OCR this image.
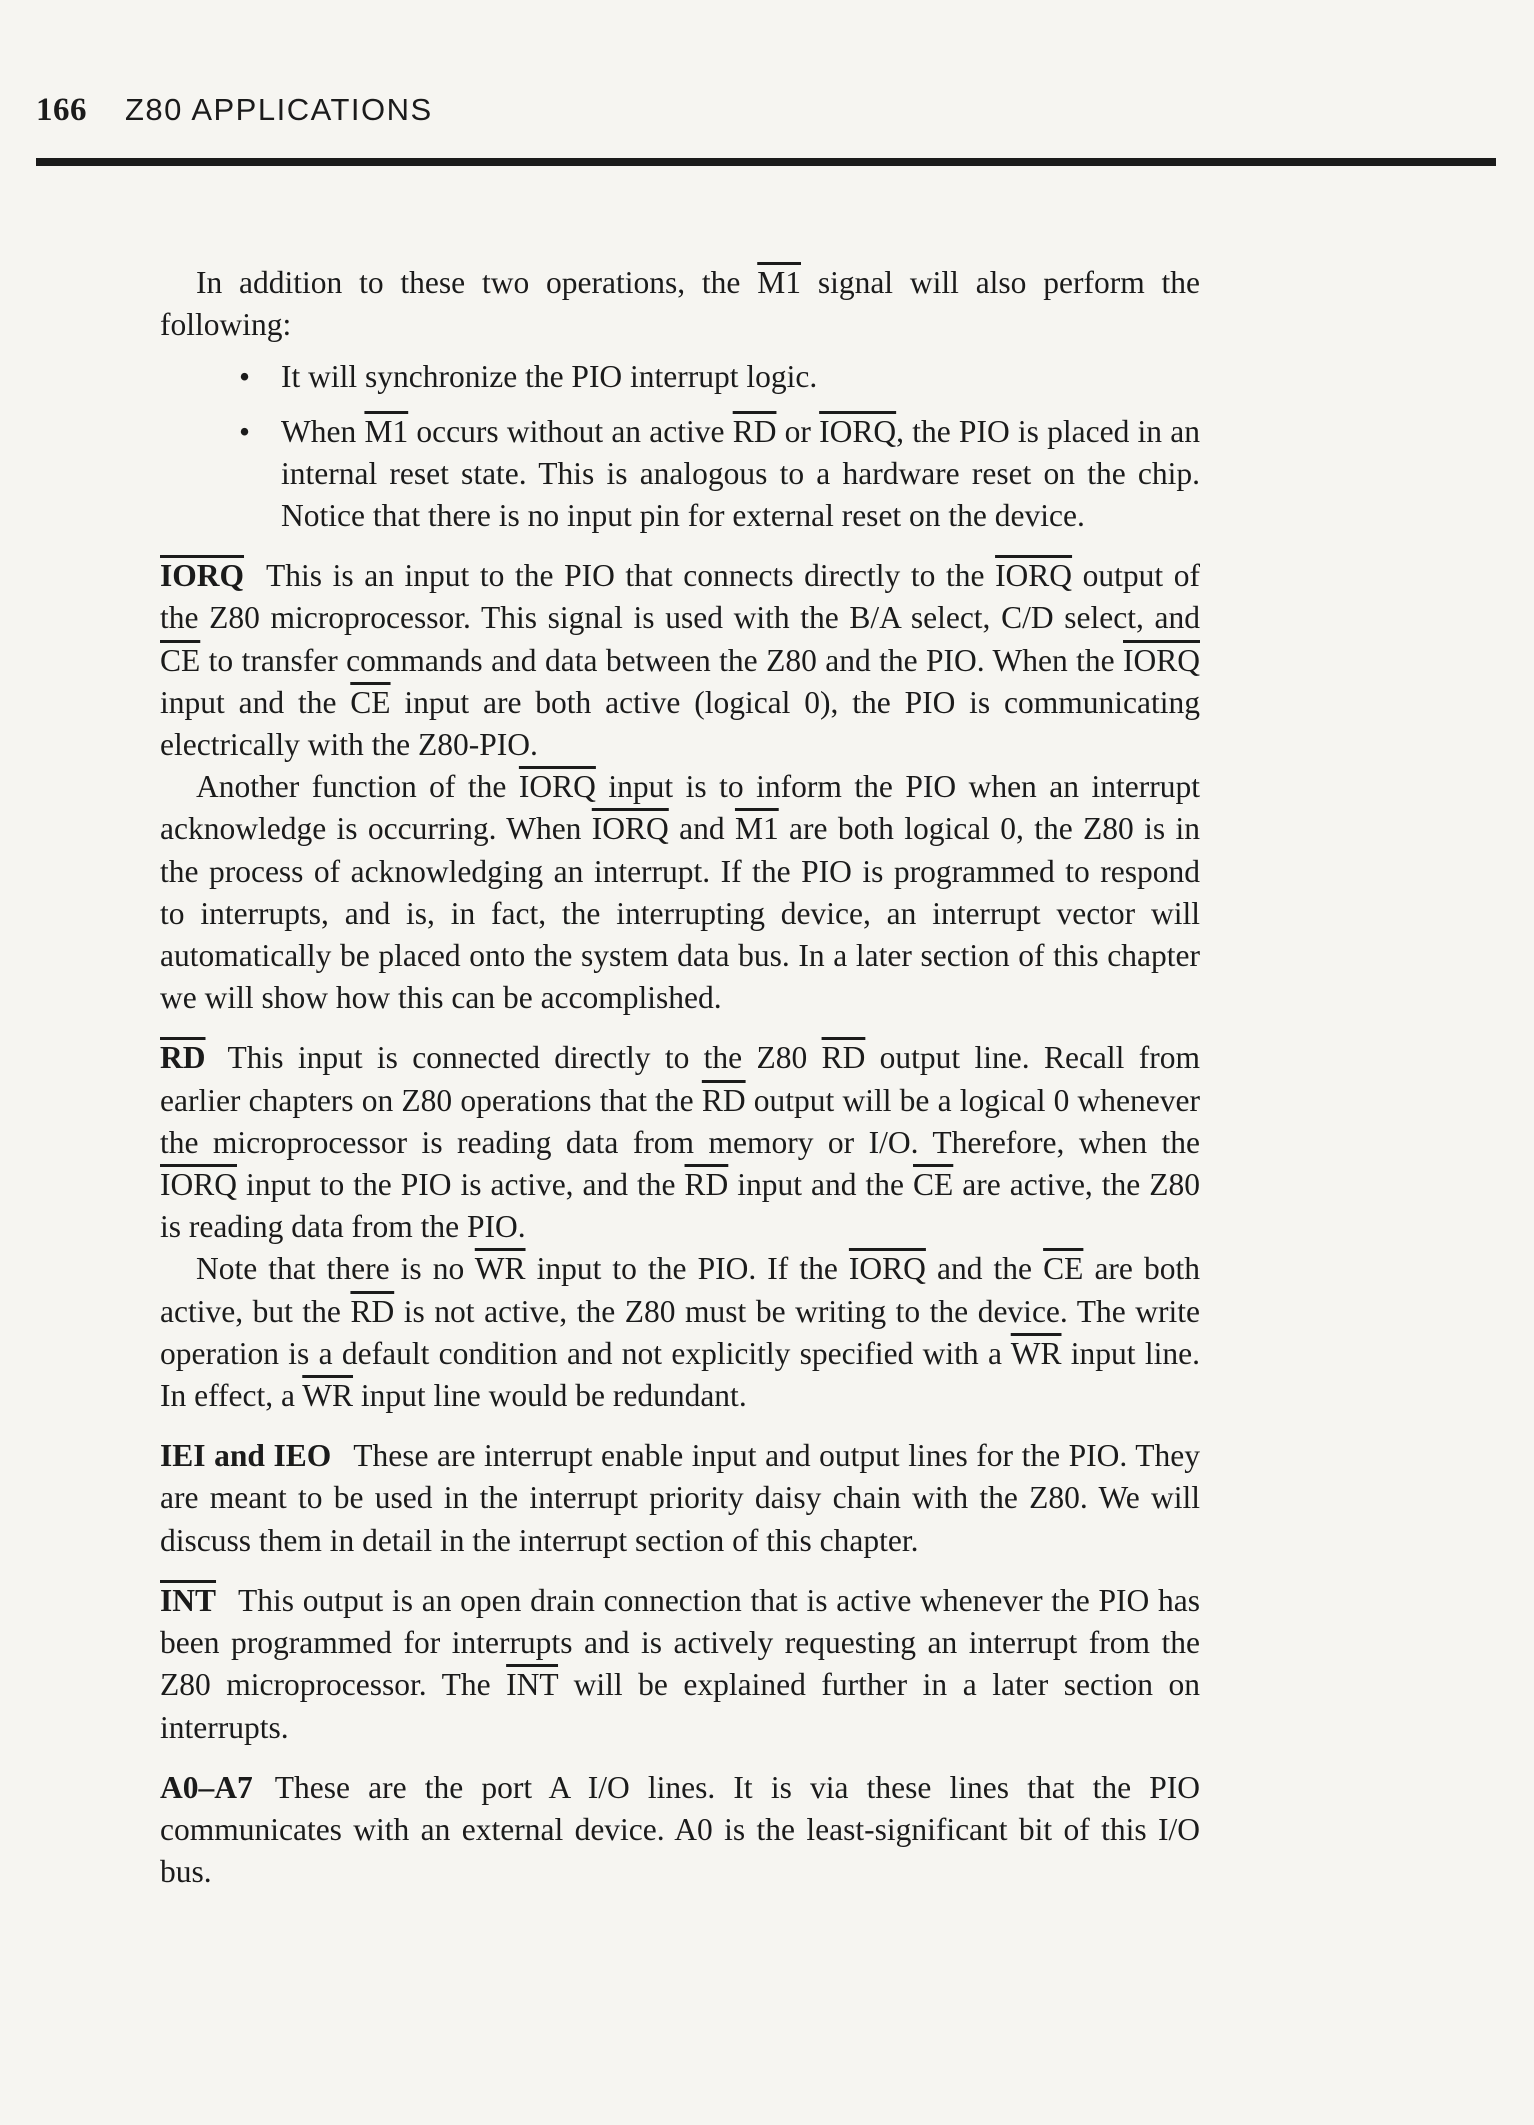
166 Z80 APPLICATIONS

In addition to these two operations, the M1 signal will also perform the following:

• It will synchronize the PIO interrupt logic.
• When M1 occurs without an active $\overline{RD}$ or IORQ, the PIO is placed in an internal reset state. This is analogous to a hardware reset on the chip. Notice that there is no input pin for external reset on the device.

IORQ This is an input to the PIO that connects directly to the IORQ output of the Z80 microprocessor. This signal is used with the B/A select, C/D select, and $\overline{CE}$ to transfer commands and data between the Z80 and the PIO. When the IORQ input and the $\overline{CE}$ input are both active (logical 0), the PIO is communicating electrically with the Z80-PIO.

Another function of the IORQ input is to inform the PIO when an interrupt acknowledge is occurring. When IORQ and M1 are both logical 0, the Z80 is in the process of acknowledging an interrupt. If the PIO is programmed to respond to interrupts, and is, in fact, the interrupting device, an interrupt vector will automatically be placed onto the system data bus. In a later section of this chapter we will show how this can be accomplished.

$\overline{RD}$ This input is connected directly to the Z80 $\overline{RD}$ output line. Recall from earlier chapters on Z80 operations that the $\overline{RD}$ output will be a logical 0 whenever the microprocessor is reading data from memory or I/O. Therefore, when the IORQ input to the PIO is active, and the $\overline{RD}$ input and the $\overline{CE}$ are active, the Z80 is reading data from the PIO.

Note that there is no $\overline{WR}$ input to the PIO. If the IORQ and the $\overline{CE}$ are both active, but the $\overline{RD}$ is not active, the Z80 must be writing to the device. The write operation is a default condition and not explicitly specified with a $\overline{WR}$ input line. In effect, a $\overline{WR}$ input line would be redundant.

IEI and IEO These are interrupt enable input and output lines for the PIO. They are meant to be used in the interrupt priority daisy chain with the Z80. We will discuss them in detail in the interrupt section of this chapter.

$\overline{INT}$ This output is an open drain connection that is active whenever the PIO has been programmed for interrupts and is actively requesting an interrupt from the Z80 microprocessor. The $\overline{INT}$ will be explained further in a later section on interrupts.

A0–A7 These are the port A I/O lines. It is via these lines that the PIO communicates with an external device. A0 is the least-significant bit of this I/O bus.
